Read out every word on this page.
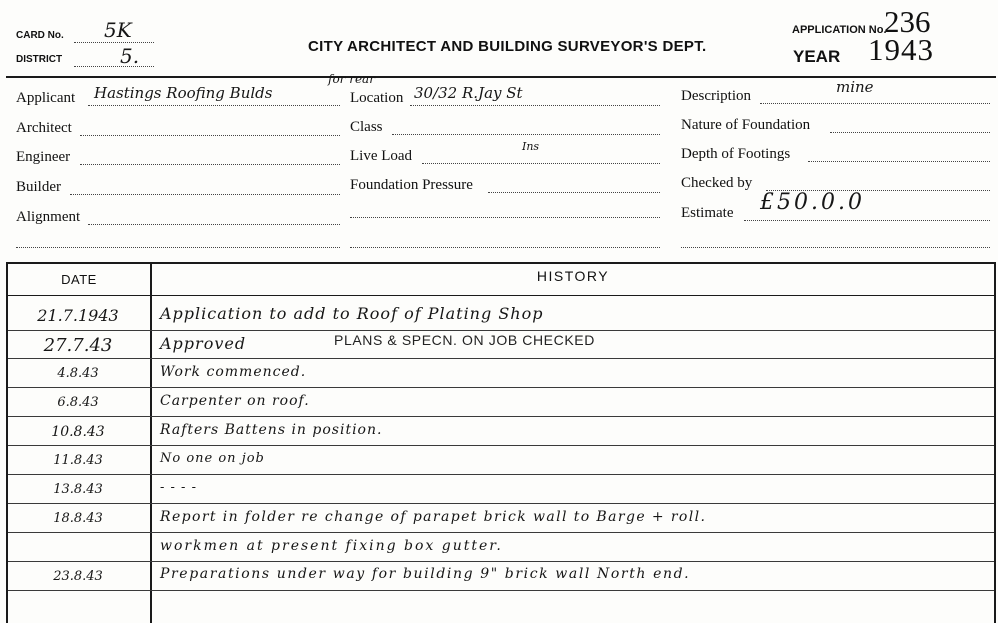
CARD No. 5K
DISTRICT	5.	CITY ARCHITECT AND BUILDING SURVEYOR'S DEPT.
APPLICATION No.
236
YEAR 1943
Applicant Hastings Roofing Bulds
Architect
Engineer
Builder
Alignment
for rear
Location 30/32 R.Jay St
Class
Live Load
Ins
Foundation Pressure
Description	mine
Nature of Foundation
Depth of Footings
Checked by
Estimate £50.0.0
DATE	HISTORY
21.7.1943	Application to add to Roof of Plating Shop
27.7.43	Approved	PLANS & SPECN. ON JOB CHECKED
4.8.43	Work commenced.
6.8.43	Carpenter on roof.
10.8.43	Rafters Battens in position.
11.8.43	No one on job
13.8.43	- - - -
18.8.43	Report in folder re change of parapet brick wall to Barge + roll.
workmen at present fixing box gutter.
23.8.43	Preparations under way for building 9" brick wall North end.
